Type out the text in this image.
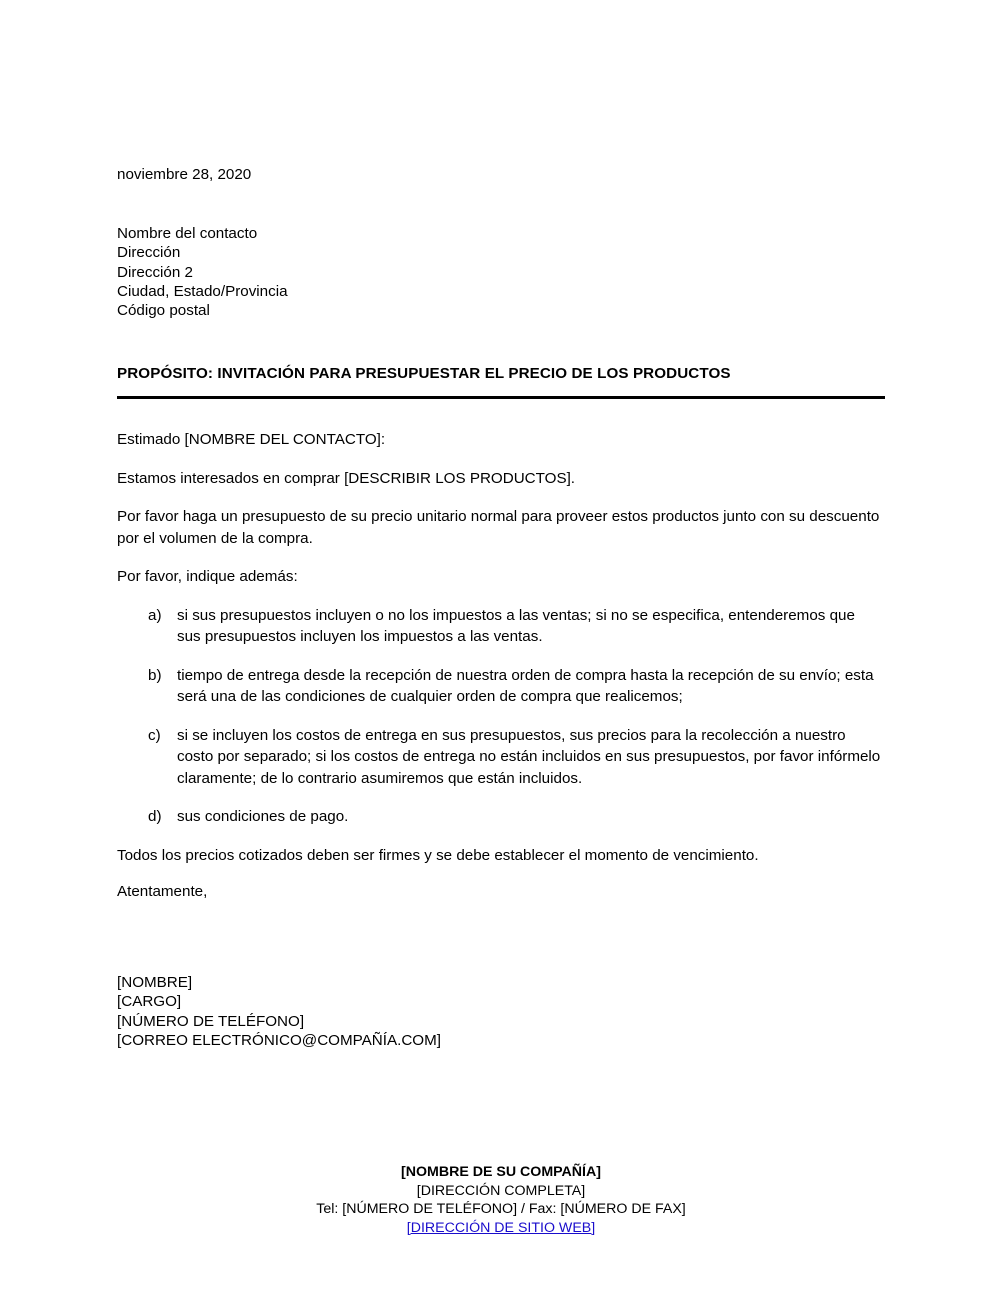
noviembre 28, 2020
Nombre del contacto
Dirección
Dirección 2
Ciudad, Estado/Provincia
Código postal
PROPÓSITO: INVITACIÓN PARA PRESUPUESTAR EL PRECIO DE LOS PRODUCTOS

Estimado [NOMBRE DEL CONTACTO]:

Estamos interesados en comprar [DESCRIBIR LOS PRODUCTOS].

Por favor haga un presupuesto de su precio unitario normal para proveer estos productos junto con su descuento por el volumen de la compra.

Por favor, indique además:

a)	si sus presupuestos incluyen o no los impuestos a las ventas; si no se especifica, entenderemos que sus presupuestos incluyen los impuestos a las ventas.
b)	tiempo de entrega desde la recepción de nuestra orden de compra hasta la recepción de su envío; esta será una de las condiciones de cualquier orden de compra que realicemos;
c)	si se incluyen los costos de entrega en sus presupuestos, sus precios para la recolección a nuestro costo por separado; si los costos de entrega no están incluidos en sus presupuestos, por favor infórmelo claramente; de lo contrario asumiremos que están incluidos.
d)	sus condiciones de pago.

Todos los precios cotizados deben ser firmes y se debe establecer el momento de vencimiento.

Atentamente,
[NOMBRE]
[CARGO]
[NÚMERO DE TELÉFONO]
[CORREO ELECTRÓNICO@COMPAÑÍA.COM]
[NOMBRE DE SU COMPAÑÍA]
[DIRECCIÓN COMPLETA]
Tel: [NÚMERO DE TELÉFONO] / Fax: [NÚMERO DE FAX]
[DIRECCIÓN DE SITIO WEB]
